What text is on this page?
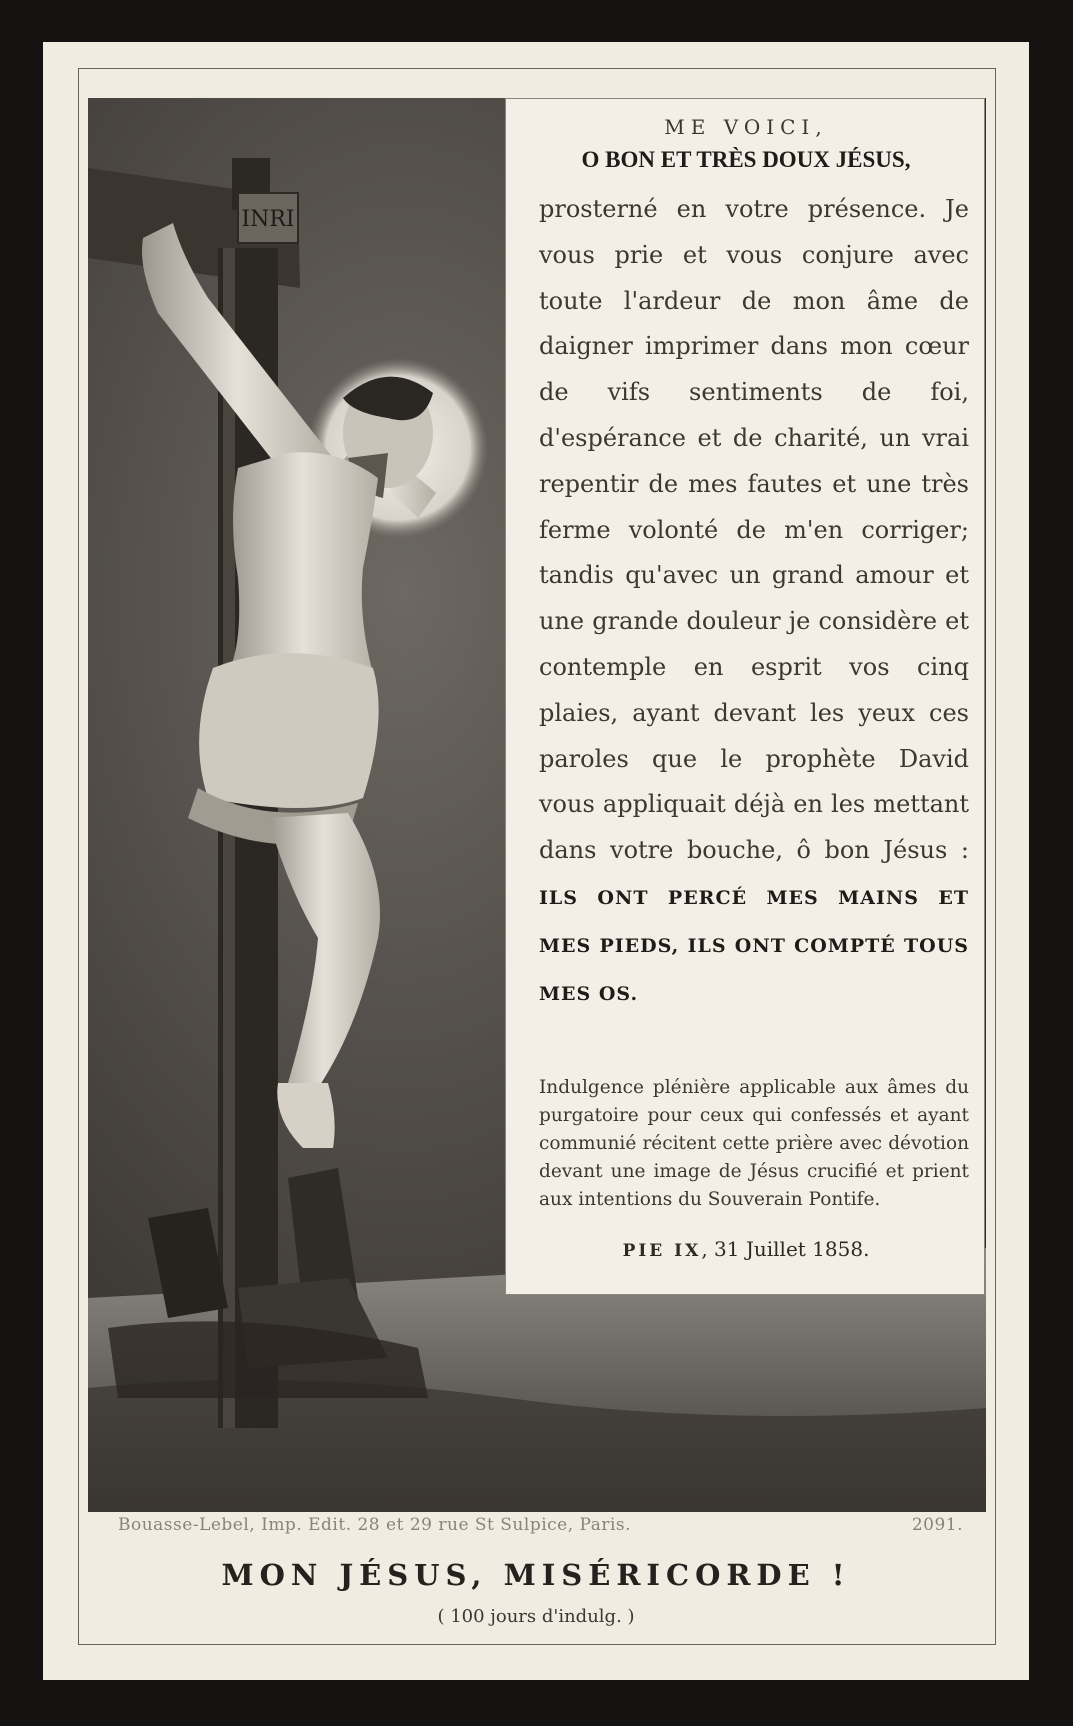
INRI

ME VOICI,

O BON ET TRÈS DOUX JÉSUS,

prosterné en votre présence. Je vous prie et vous conjure avec toute l'ardeur de mon âme de daigner imprimer dans mon cœur de vifs sentiments de foi, d'espérance et de charité, un vrai repentir de mes fautes et une très ferme volonté de m'en corriger; tandis qu'avec un grand amour et une grande douleur je considère et contemple en esprit vos cinq plaies, ayant devant les yeux ces paroles que le prophète David vous appliquait déjà en les mettant dans votre bouche, ô bon Jésus : ILS ONT PERCÉ MES MAINS ET MES PIEDS, ILS ONT COMPTÉ TOUS MES OS.

Indulgence plénière applicable aux âmes du purgatoire pour ceux qui confessés et ayant communié récitent cette prière avec dévotion devant une image de Jésus crucifié et prient aux intentions du Souverain Pontife.

PIE IX, 31 Juillet 1858.
Bouasse-Lebel, Imp. Edit. 28 et 29 rue St Sulpice, Paris.	2091.
MON JÉSUS, MISÉRICORDE !
( 100 jours d'indulg. )
